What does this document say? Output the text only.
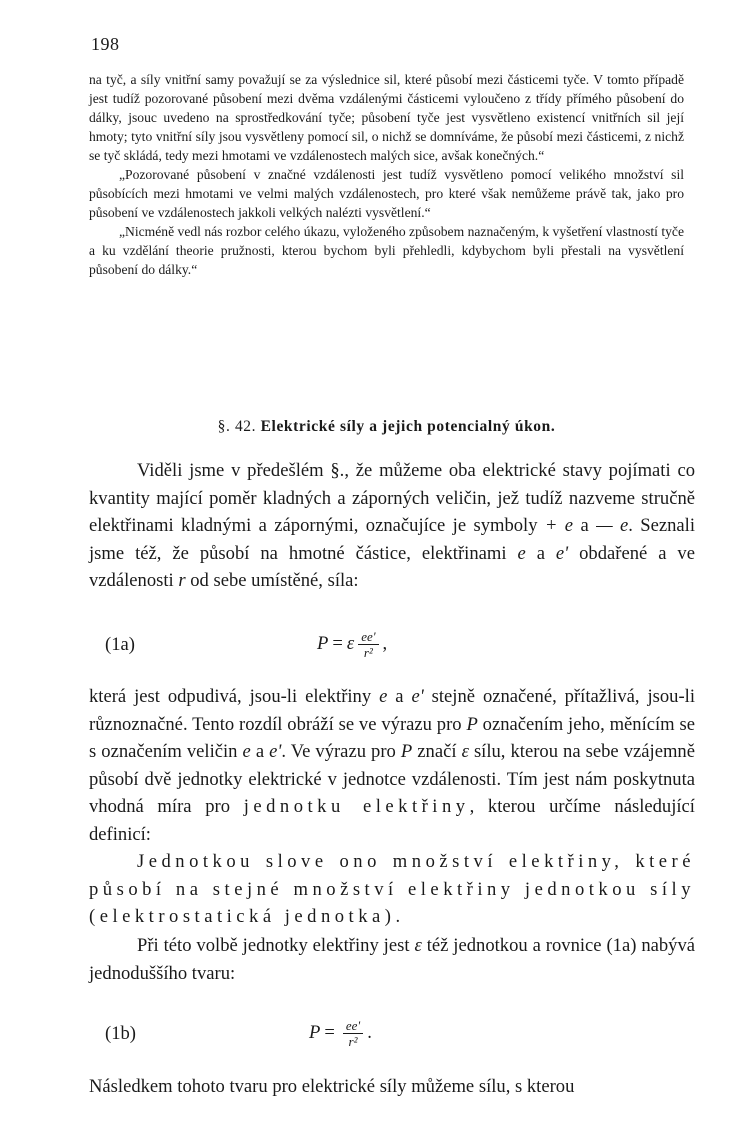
198

na tyč, a síly vnitřní samy považují se za výslednice sil, které působí mezi částicemi tyče. V tomto případě jest tudíž pozorované působení mezi dvěma vzdálenými částicemi vyloučeno z třídy přímého působení do dálky, jsouc uvedeno na sprostředkování tyče; působení tyče jest vysvětleno existencí vnitřních sil její hmoty; tyto vnitřní síly jsou vysvětleny pomocí sil, o nichž se domníváme, že působí mezi částicemi, z nichž se tyč skládá, tedy mezi hmotami ve vzdálenostech malých sice, avšak konečných.“

„Pozorované působení v značné vzdálenosti jest tudíž vysvětleno pomocí velikého množství sil působících mezi hmotami ve velmi malých vzdálenostech, pro které však nemůžeme právě tak, jako pro působení ve vzdálenostech jakkoli velkých nalézti vysvětlení.“

„Nicméně vedl nás rozbor celého úkazu, vyloženého způsobem naznačeným, k vyšetření vlastností tyče a ku vzdělání theorie pružnosti, kterou bychom byli přehledli, kdybychom byli přestali na vysvětlení působení do dálky.“

§. 42. Elektrické síly a jejich potencialný úkon.

Viděli jsme v předešlém §., že můžeme oba elektrické stavy pojímati co kvantity mající poměr kladných a záporných veličin, jež tudíž nazveme stručně elektřinami kladnými a zápornými, označujíce je symboly + e a — e. Seznali jsme též, že působí na hmotné částice, elektřinami e a e' obdařené a ve vzdálenosti r od sebe umístěné, síla:

(1a)	P = ε $\frac{ee'}{\text{r²}}$ ,

která jest odpudivá, jsou-li elektřiny e a e' stejně označené, přítažlivá, jsou-li různoznačné. Tento rozdíl obráží se ve výrazu pro P označením jeho, měnícím se s označením veličin e a e'. Ve výrazu pro P značí ε sílu, kterou na sebe vzájemně působí dvě jednotky elektrické v jednotce vzdálenosti. Tím jest nám poskytnuta vhodná míra pro jednotku elektřiny, kterou určíme následující definicí:

Jednotkou slove ono množství elektřiny, které působí na stejné množství elektřiny jednotkou síly (elektrostatická jednotka).

Při této volbě jednotky elektřiny jest ε též jednotkou a rovnice (1a) nabývá jednoduššího tvaru:

(1b)	$P = \frac{ee'}{\text{r²}}$ .

Následkem tohoto tvaru pro elektrické síly můžeme sílu, s kterou
